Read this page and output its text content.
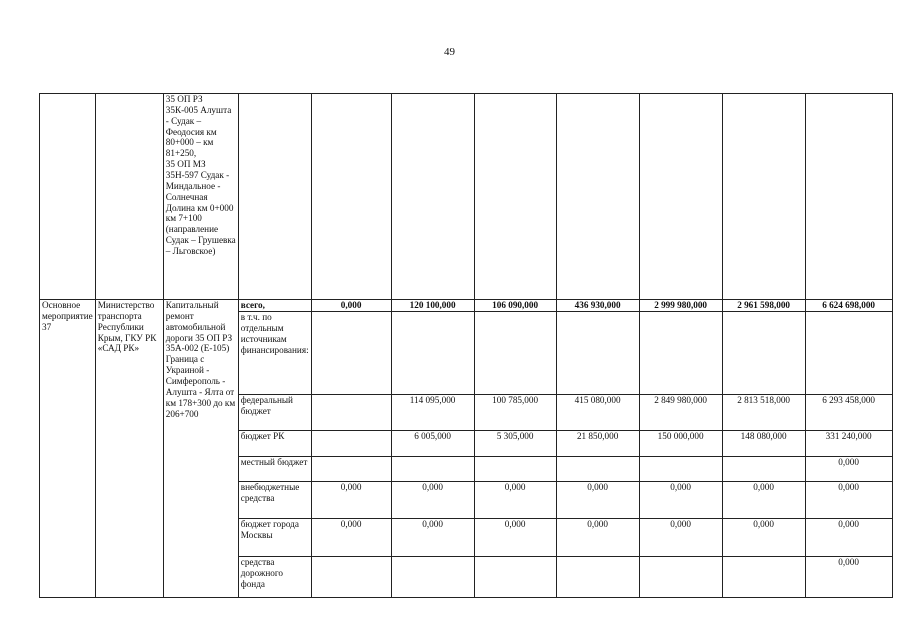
49
		35 ОП РЗ 35К-005 Алушта - Судак – Феодосия км 80+000 – км 81+250,
35 ОП МЗ 35Н-597 Судак - Миндальное - Солнечная Долина км 0+000 км 7+100 (направление Судак – Грушевка – Льговское)								
Основное мероприятие 37	Министерство транспорта Республики Крым, ГКУ РК «САД РК»	Капитальный ремонт автомобильной дороги 35 ОП РЗ 35А-002 (Е-105) Граница с Украиной - Симферополь - Алушта - Ялта от км 178+300 до км 206+700	всего,	0,000	120 100,000	106 090,000	436 930,000	2 999 980,000	2 961 598,000	6 624 698,000
			в т.ч. по отдельным источникам финансирования:							
			федеральный бюджет		114 095,000	100 785,000	415 080,000	2 849 980,000	2 813 518,000	6 293 458,000
			бюджет РК		6 005,000	5 305,000	21 850,000	150 000,000	148 080,000	331 240,000
			местный бюджет							0,000
			внебюджетные средства	0,000	0,000	0,000	0,000	0,000	0,000	0,000
			бюджет города Москвы	0,000	0,000	0,000	0,000	0,000	0,000	0,000
			средства дорожного фонда							0,000
